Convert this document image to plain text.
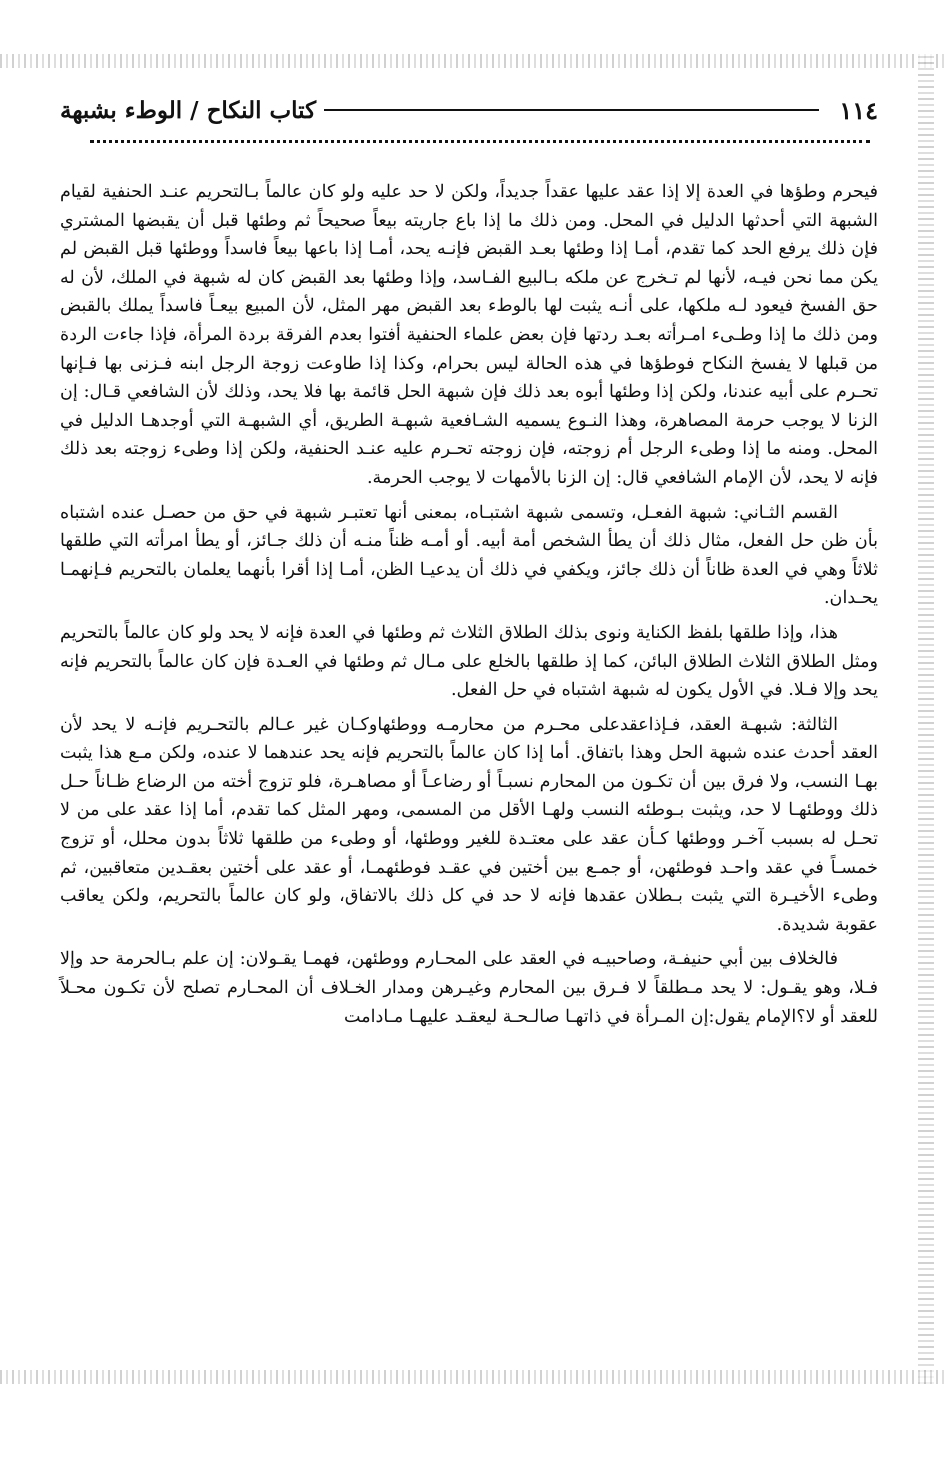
١١٤
كتاب النكاح / الوطء بشبهة

فيحرم وطؤها في العدة إلا إذا عقد عليها عقداً جديداً، ولكن لا حد عليه ولو كان عالماً بـالتحريم عنـد الحنفية لقيام الشبهة التي أحدثها الدليل في المحل. ومن ذلك ما إذا باع جاريته بيعاً صحيحاً ثم وطئها قبل أن يقبضها المشتري فإن ذلك يرفع الحد كما تقدم، أمـا إذا وطئها بعـد القبض فإنـه يحد، أمـا إذا باعها بيعاً فاسداً ووطئها قبل القبض لم يكن مما نحن فيـه، لأنها لم تـخرج عن ملكه بـالبيع الفـاسد، وإذا وطئها بعد القبض كان له شبهة في الملك، لأن له حق الفسخ فيعود لـه ملكها، على أنـه يثبت لها بالوطء بعد القبض مهر المثل، لأن المبيع بيعـاً فاسداً يملك بالقبض ومن ذلك ما إذا وطـىء امـرأته بعـد ردتها فإن بعض علماء الحنفية أفتوا بعدم الفرقة بردة المرأة، فإذا جاءت الردة من قبلها لا يفسخ النكاح فوطؤها في هذه الحالة ليس بحرام، وكذا إذا طاوعت زوجة الرجل ابنه فـزنى بها فـإنها تحـرم على أبيه عندنا، ولكن إذا وطئها أبوه بعد ذلك فإن شبهة الحل قائمة بها فلا يحد، وذلك لأن الشافعي قـال: إن الزنا لا يوجب حرمة المصاهرة، وهذا النـوع يسميه الشـافعية شبهـة الطريق، أي الشبهـة التي أوجدهـا الدليل في المحل. ومنه ما إذا وطىء الرجل أم زوجته، فإن زوجته تحـرم عليه عنـد الحنفية، ولكن إذا وطىء زوجته بعد ذلك فإنه لا يحد، لأن الإمام الشافعي قال: إن الزنا بالأمهات لا يوجب الحرمة.

القسم الثـاني: شبهة الفعـل، وتسمى شبهة اشتبـاه، بمعنى أنها تعتبـر شبهة في حق من حصـل عنده اشتباه بأن ظن حل الفعل، مثال ذلك أن يطأ الشخص أمة أبيه. أو أمـه ظناً منـه أن ذلك جـائز، أو يطأ امرأته التي طلقها ثلاثاً وهي في العدة ظاناً أن ذلك جائز، ويكفي في ذلك أن يدعيـا الظن، أمـا إذا أقرا بأنهما يعلمان بالتحريم فـإنهمـا يحـدان.

هذا، وإذا طلقها بلفظ الكناية ونوى بذلك الطلاق الثلاث ثم وطئها في العدة فإنه لا يحد ولو كان عالماً بالتحريم ومثل الطلاق الثلاث الطلاق البائن، كما إذ طلقها بالخلع على مـال ثم وطئها في العـدة فإن كان عالماً بالتحريم فإنه يحد وإلا فـلا. في الأول يكون له شبهة اشتباه في حل الفعل.

الثالثة: شبهـة العقد، فـإذاعقدعلى محـرم من محارمـه ووطئهاوكـان غير عـالم بالتحـريم فإنـه لا يحد لأن العقد أحدث عنده شبهة الحل وهذا باتفاق. أما إذا كان عالماً بالتحريم فإنه يحد عندهما لا عنده، ولكن مـع هذا يثبت بهـا النسب، ولا فرق بين أن تكـون من المحارم نسبـاً أو رضاعـاً أو مصاهـرة، فلو تزوج أخته من الرضاع ظـاناً حـل ذلك ووطئهـا لا حد، ويثبت بـوطئه النسب ولهـا الأقل من المسمى، ومهر المثل كما تقدم، أما إذا عقد على من لا تحـل له بسبب آخـر ووطئها كـأن عقد على معتـدة للغير ووطئها، أو وطىء من طلقها ثلاثاً بدون محلل، أو تزوج خمسـاً في عقد واحـد فوطئهن، أو جمـع بين أختين في عقـد فوطئهمـا، أو عقد على أختين بعقـدين متعاقبين، ثم وطىء الأخيـرة التي يثبت بـطلان عقدها فإنه لا حد في كل ذلك بالاتفاق، ولو كان عالماً بالتحريم، ولكن يعاقب عقوبة شديدة.

فالخلاف بين أبي حنيفـة، وصاحبيـه في العقد على المحـارم ووطئهن، فهمـا يقـولان: إن علم بـالحرمة حد وإلا فـلا، وهو يقـول: لا يحد مـطلقاً لا فـرق بين المحارم وغيـرهن ومدار الخـلاف أن المحـارم تصلح لأن تكـون محـلاً للعقد أو لا؟الإمام يقول:إن المـرأة في ذاتهـا صالـحـة ليعقـد عليهـا مـادامت
